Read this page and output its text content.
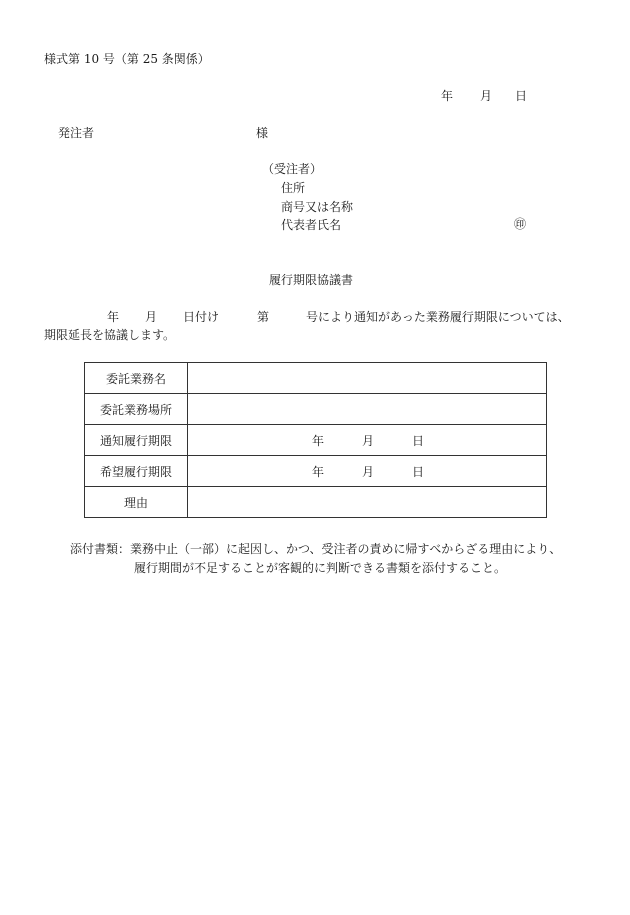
様式第 10 号（第 25 条関係）
年 月 日
発注者	様
（受注者）
住所
商号又は名称
代表者氏名	㊞
履行期限協議書
年 月 日付け	第	号により通知があった業務履行期限については、
期限延長を協議します。
委託業務名	
委託業務場所	
通知履行期限	年 月 日

希望履行期限	年 月 日

理由	
添付書類：業務中止（一部）に起因し、かつ、受注者の責めに帰すべからざる理由により、
履行期間が不足することが客観的に判断できる書類を添付すること。
